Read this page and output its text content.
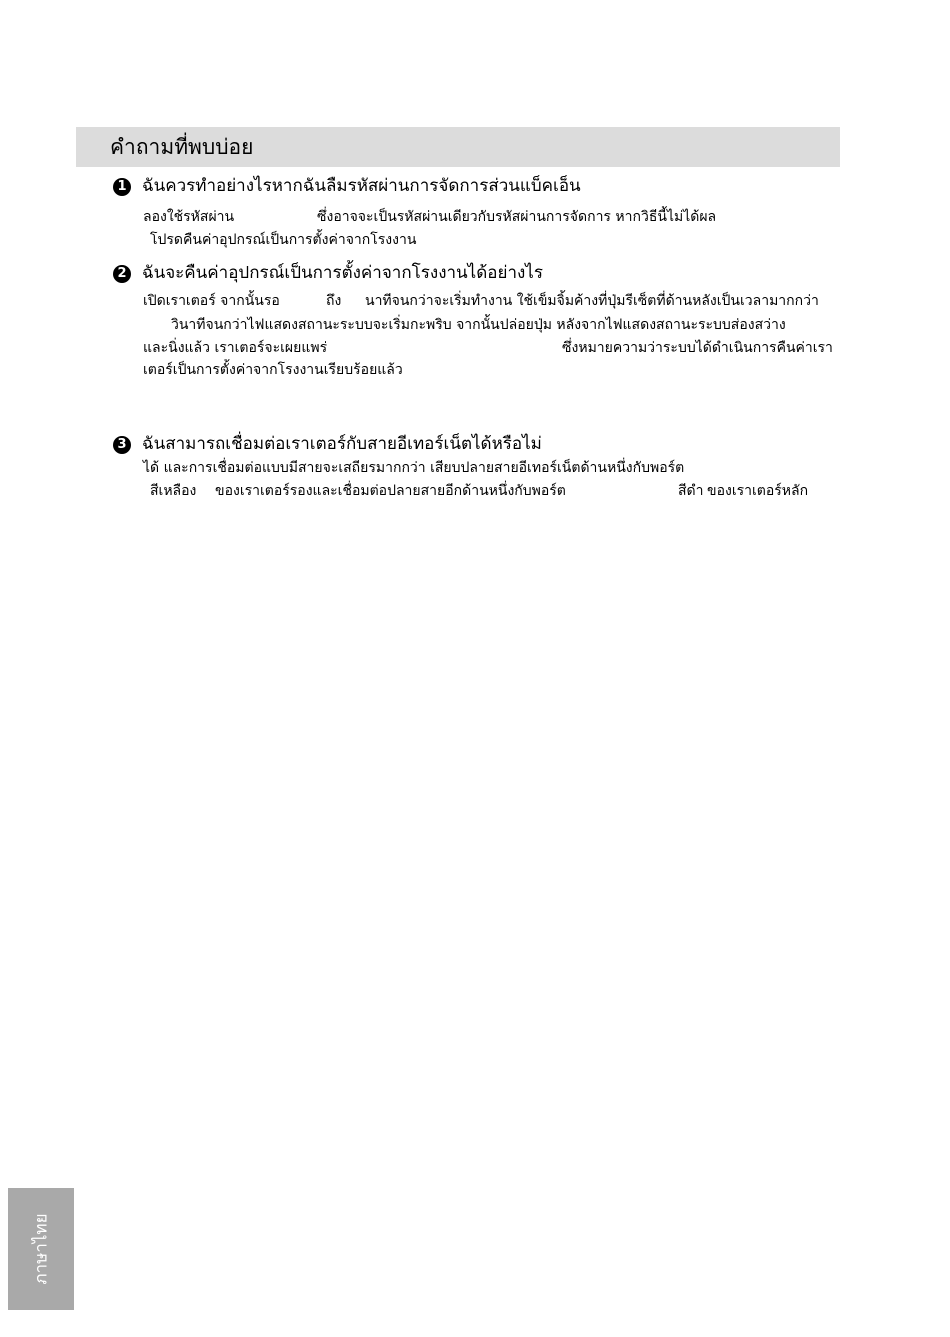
คำถามที่พบบ่อย
1 ฉันควรทำอย่างไรหากฉันลืมรหัสผ่านการจัดการส่วนแบ็คเอ็น
ลองใช้รหัสผ่าน	ซึ่งอาจจะเป็นรหัสผ่านเดียวกับรหัสผ่านการจัดการ หากวิธีนี้ไม่ได้ผล
โปรดคืนค่าอุปกรณ์เป็นการตั้งค่าจากโรงงาน
2 ฉันจะคืนค่าอุปกรณ์เป็นการตั้งค่าจากโรงงานได้อย่างไร
เปิดเราเตอร์ จากนั้นรอ	ถึง นาทีจนกว่าจะเริ่มทำงาน ใช้เข็มจิ้มค้างที่ปุ่มรีเซ็ตที่ด้านหลังเป็นเวลามากกว่า
วินาทีจนกว่าไฟแสดงสถานะระบบจะเริ่มกะพริบ จากนั้นปล่อยปุ่ม หลังจากไฟแสดงสถานะระบบส่องสว่าง
และนิ่งแล้ว เราเตอร์จะเผยแพร่	ซึ่งหมายความว่าระบบได้ดำเนินการคืนค่าเรา
เตอร์เป็นการตั้งค่าจากโรงงานเรียบร้อยแล้ว
3 ฉันสามารถเชื่อมต่อเราเตอร์กับสายอีเทอร์เน็ตได้หรือไม่
ได้ และการเชื่อมต่อแบบมีสายจะเสถียรมากกว่า เสียบปลายสายอีเทอร์เน็ตด้านหนึ่งกับพอร์ต
สีเหลือง ของเราเตอร์รองและเชื่อมต่อปลายสายอีกด้านหนึ่งกับพอร์ต	สีดำ ของเราเตอร์หลัก
ภาษาไทย
